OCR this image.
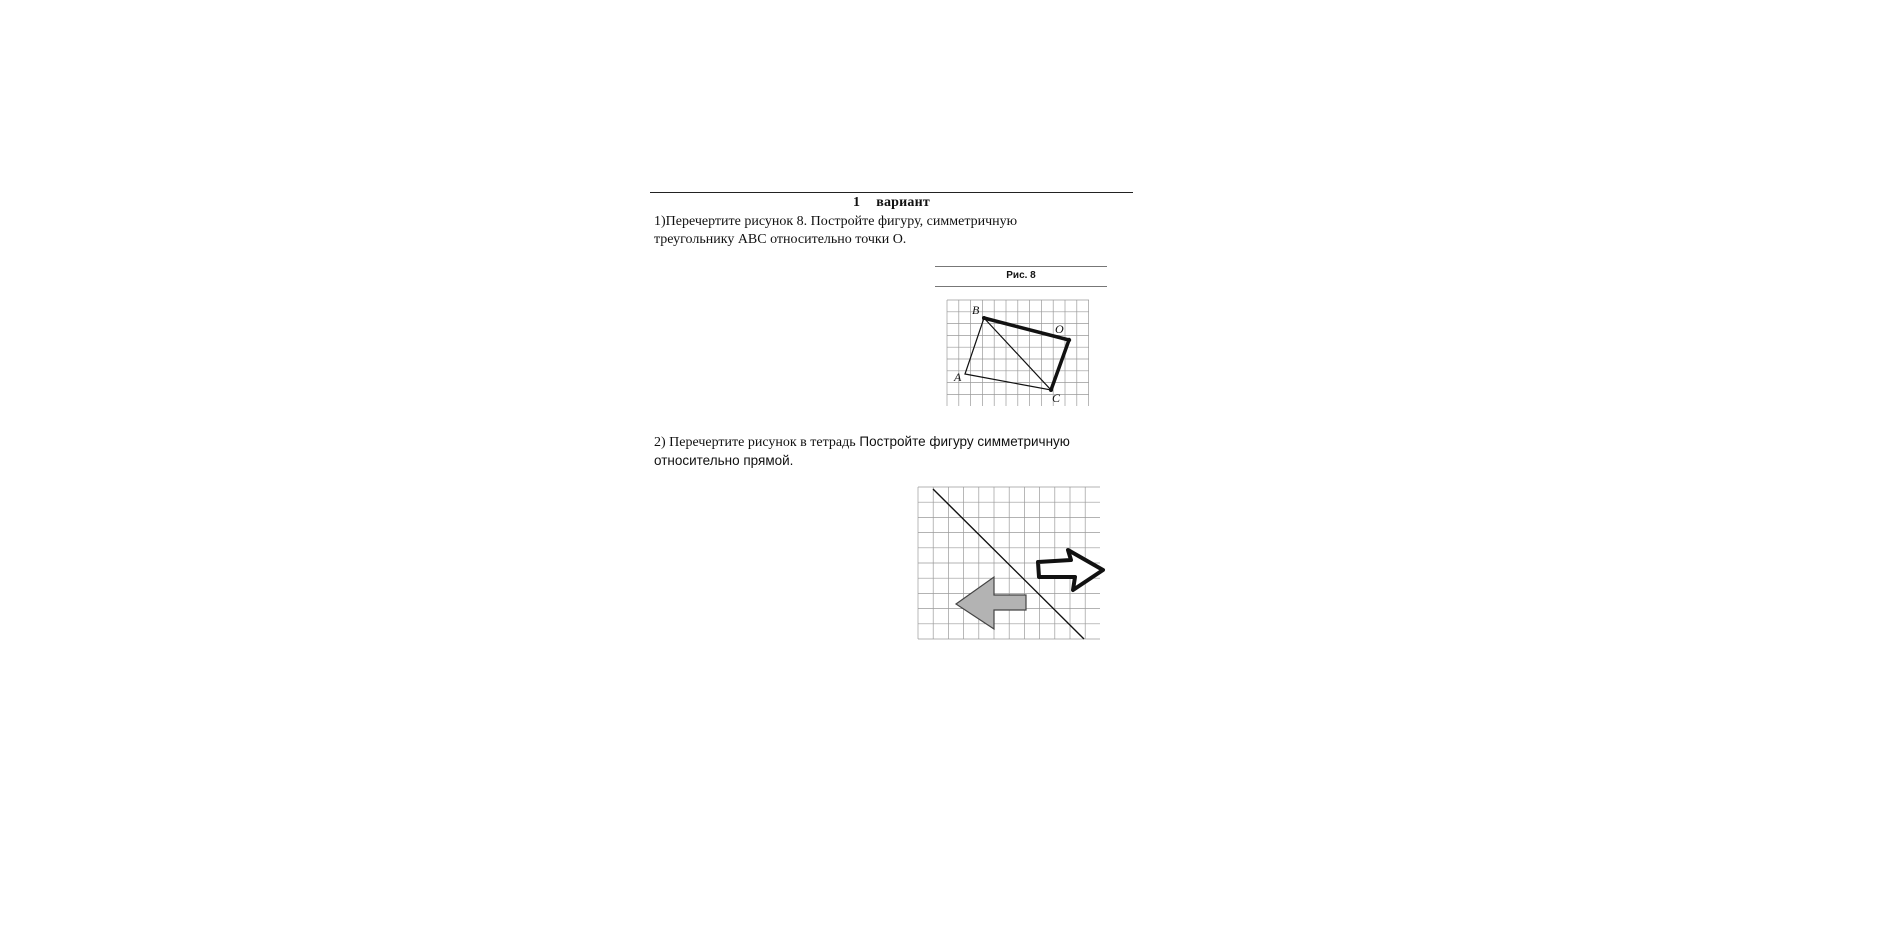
1 вариант
1)Перечертите рисунок 8. Постройте фигуру, симметричную
треугольнику ABC относительно точки O.
Рис. 8
B
O
A
C
2) Перечертите рисунок в тетрадь Постройте фигуру симметричную
относительно прямой.
